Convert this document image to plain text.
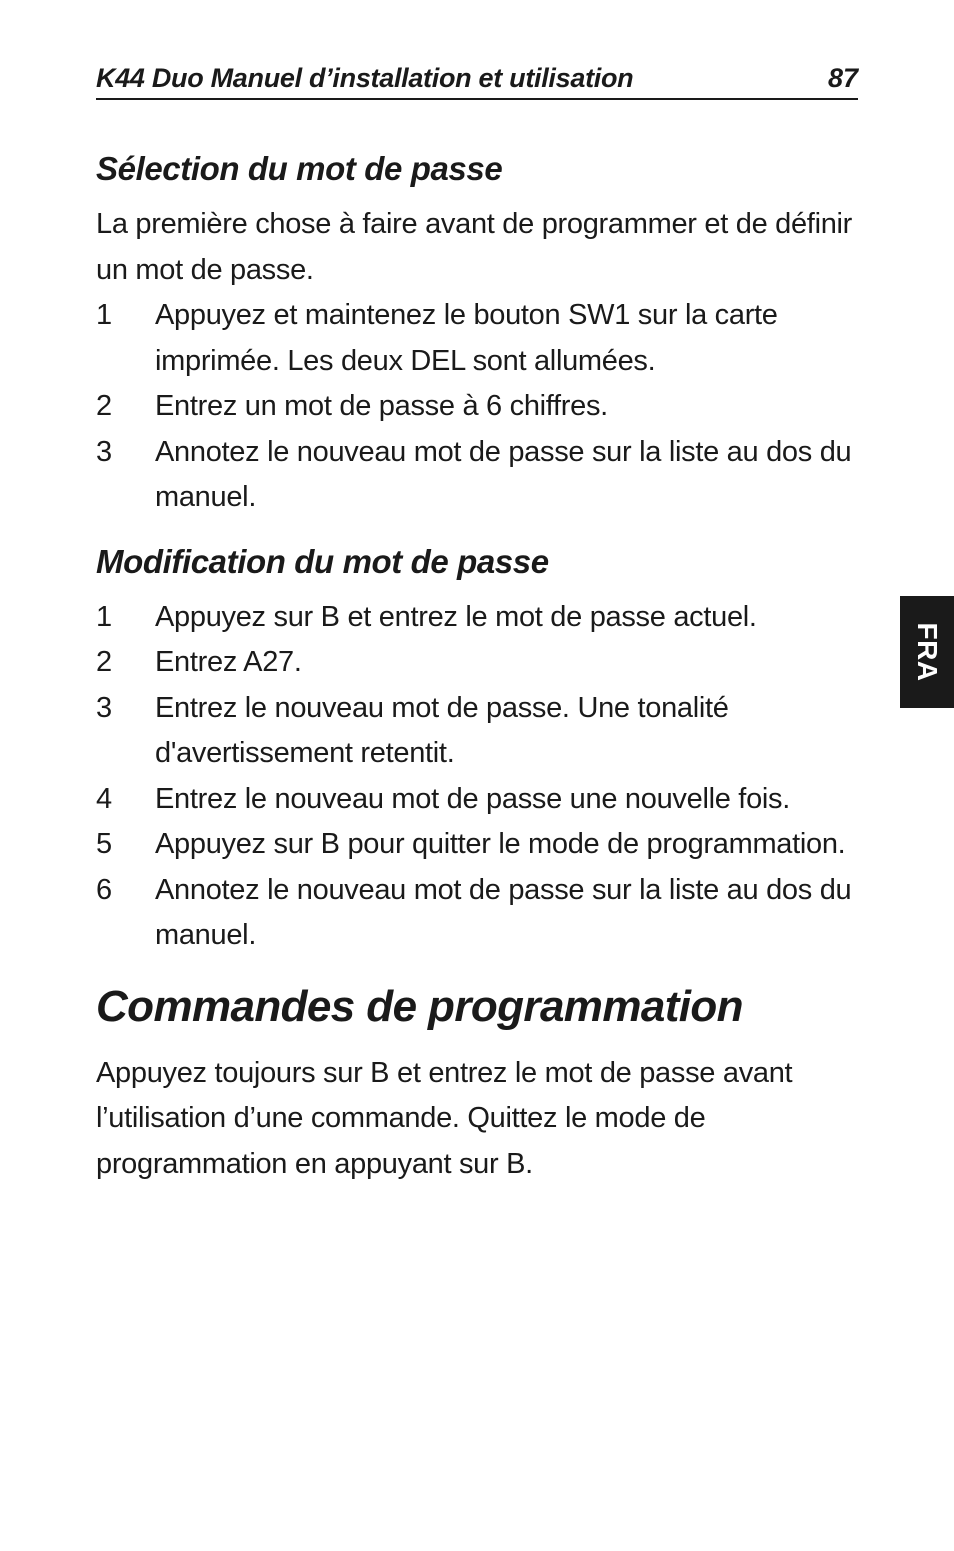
K44 Duo Manuel d’installation et utilisation	87
FRA
Sélection du mot de passe

La première chose à faire avant de programmer et de définir un mot de passe.

1	Appuyez et maintenez le bouton SW1 sur la carte imprimée. Les deux DEL sont allumées.
2	Entrez un mot de passe à 6 chiffres.
3	Annotez le nouveau mot de passe sur la liste au dos du manuel.
Modification du mot de passe
1	Appuyez sur B et entrez le mot de passe actuel.
2	Entrez A27.
3	Entrez le nouveau mot de passe. Une tonalité d'avertissement retentit.
4	Entrez le nouveau mot de passe une nouvelle fois.
5	Appuyez sur B pour quitter le mode de programmation.
6	Annotez le nouveau mot de passe sur la liste au dos du manuel.
Commandes de programmation

Appuyez toujours sur B et entrez le mot de passe avant l’utilisation d’une commande. Quittez le mode de programmation en appuyant sur B.
